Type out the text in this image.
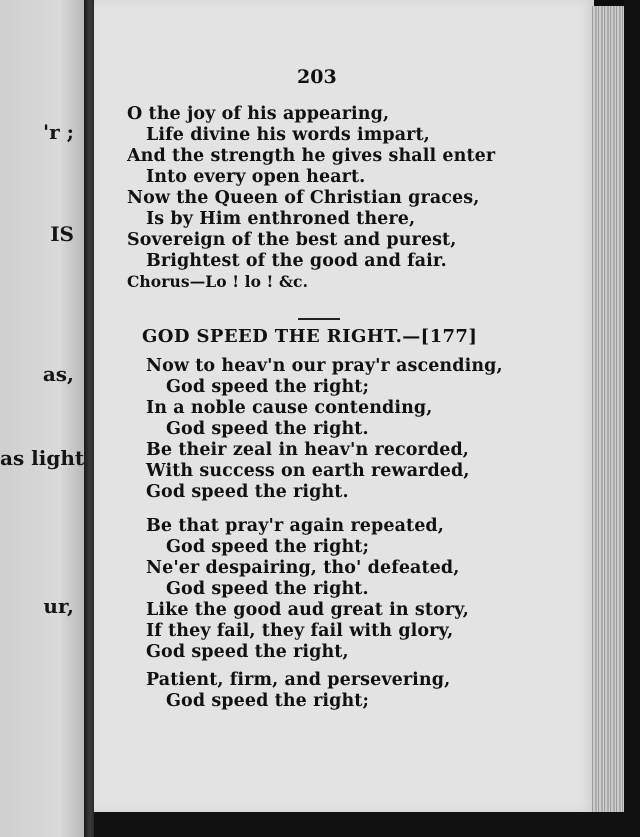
'r ;
IS
as,
as light
ur,
203
O the joy of his appearing,
Life divine his words impart,
And the strength he gives shall enter
Into every open heart.
Now the Queen of Christian graces,
Is by Him enthroned there,
Sovereign of the best and purest,
Brightest of the good and fair.
Chorus—Lo ! lo ! &c.
GOD SPEED THE RIGHT.—[177]
Now to heav'n our pray'r ascending,
God speed the right;
In a noble cause contending,
God speed the right.
Be their zeal in heav'n recorded,
With success on earth rewarded,
God speed the right.
Be that pray'r again repeated,
God speed the right;
Ne'er despairing, tho' defeated,
God speed the right.
Like the good aud great in story,
If they fail, they fail with glory,
God speed the right,
Patient, firm, and persevering,
God speed the right;
